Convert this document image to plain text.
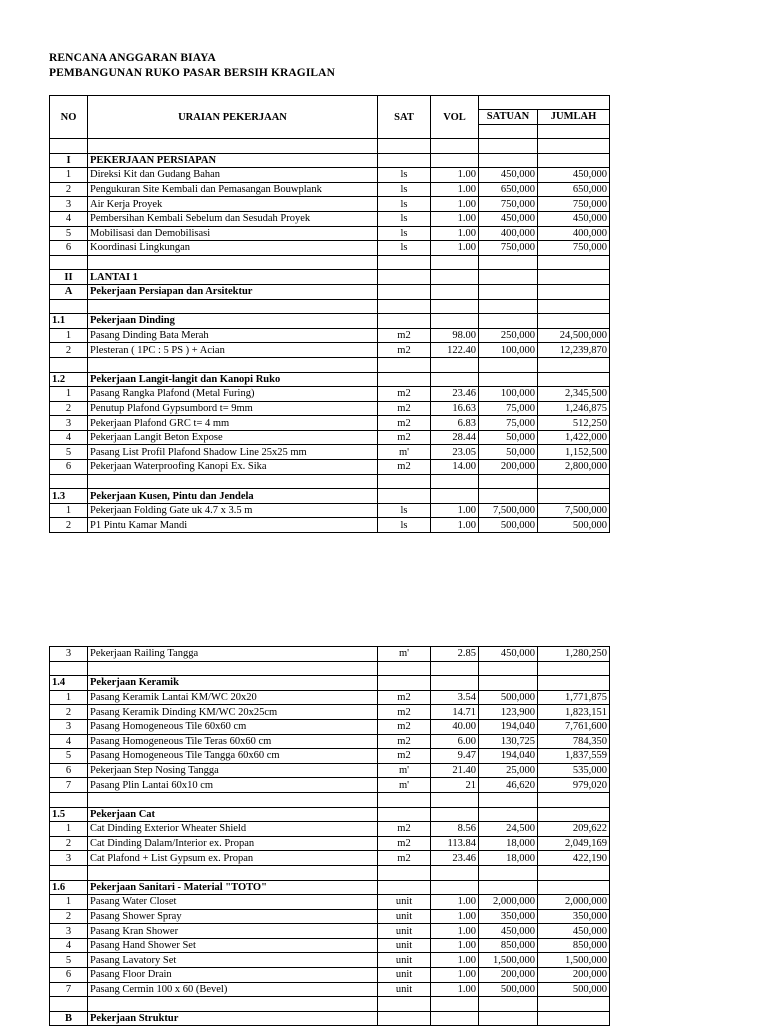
RENCANA ANGGARAN BIAYA
PEMBANGUNAN RUKO PASAR BERSIH KRAGILAN
NO	URAIAN PEKERJAAN	SAT	VOL		
				SATUAN	JUMLAH

I	PEKERJAAN PERSIAPAN				
1	Direksi Kit dan Gudang Bahan	ls	1.00	450,000	450,000
2	Pengukuran Site Kembali dan Pemasangan Bouwplank	ls	1.00	650,000	650,000
3	Air Kerja Proyek	ls	1.00	750,000	750,000
4	Pembersihan Kembali Sebelum dan Sesudah Proyek	ls	1.00	450,000	450,000
5	Mobilisasi dan Demobilisasi	ls	1.00	400,000	400,000
6	Koordinasi Lingkungan	ls	1.00	750,000	750,000

II	LANTAI 1				
A	Pekerjaan Persiapan dan Arsitektur				

1.1	Pekerjaan Dinding				
1	Pasang Dinding Bata Merah	m2	98.00	250,000	24,500,000
2	Plesteran ( 1PC : 5 PS ) + Acian	m2	122.40	100,000	12,239,870

1.2	Pekerjaan Langit-langit dan Kanopi Ruko				
1	Pasang Rangka Plafond (Metal Furing)	m2	23.46	100,000	2,345,500
2	Penutup Plafond Gypsumbord t= 9mm	m2	16.63	75,000	1,246,875
3	Pekerjaan Plafond GRC t= 4 mm	m2	6.83	75,000	512,250
4	Pekerjaan Langit Beton Expose	m2	28.44	50,000	1,422,000
5	Pasang List Profil Plafond Shadow Line 25x25 mm	m'	23.05	50,000	1,152,500
6	Pekerjaan Waterproofing Kanopi Ex. Sika	m2	14.00	200,000	2,800,000

1.3	Pekerjaan Kusen, Pintu dan Jendela				
1	Pekerjaan Folding Gate uk 4.7 x 3.5 m	ls	1.00	7,500,000	7,500,000
2	P1 Pintu Kamar Mandi	ls	1.00	500,000	500,000
3	Pekerjaan Railing Tangga	m'	2.85	450,000	1,280,250

1.4	Pekerjaan Keramik				
1	Pasang Keramik Lantai KM/WC 20x20	m2	3.54	500,000	1,771,875
2	Pasang Keramik Dinding KM/WC 20x25cm	m2	14.71	123,900	1,823,151
3	Pasang Homogeneous Tile 60x60 cm	m2	40.00	194,040	7,761,600
4	Pasang Homogeneous Tile Teras 60x60 cm	m2	6.00	130,725	784,350
5	Pasang Homogeneous Tile Tangga 60x60 cm	m2	9.47	194,040	1,837,559
6	Pekerjaan Step Nosing Tangga	m'	21.40	25,000	535,000
7	Pasang Plin Lantai 60x10 cm	m'	21	46,620	979,020

1.5	Pekerjaan Cat				
1	Cat Dinding Exterior Wheater Shield	m2	8.56	24,500	209,622
2	Cat Dinding Dalam/Interior ex. Propan	m2	113.84	18,000	2,049,169
3	Cat Plafond + List Gypsum ex. Propan	m2	23.46	18,000	422,190

1.6	Pekerjaan Sanitari - Material "TOTO"				
1	Pasang Water Closet	unit	1.00	2,000,000	2,000,000
2	Pasang Shower Spray	unit	1.00	350,000	350,000
3	Pasang Kran Shower	unit	1.00	450,000	450,000
4	Pasang Hand Shower Set	unit	1.00	850,000	850,000
5	Pasang Lavatory Set	unit	1.00	1,500,000	1,500,000
6	Pasang Floor Drain	unit	1.00	200,000	200,000
7	Pasang Cermin 100 x 60 (Bevel)	unit	1.00	500,000	500,000

B	Pekerjaan Struktur				
